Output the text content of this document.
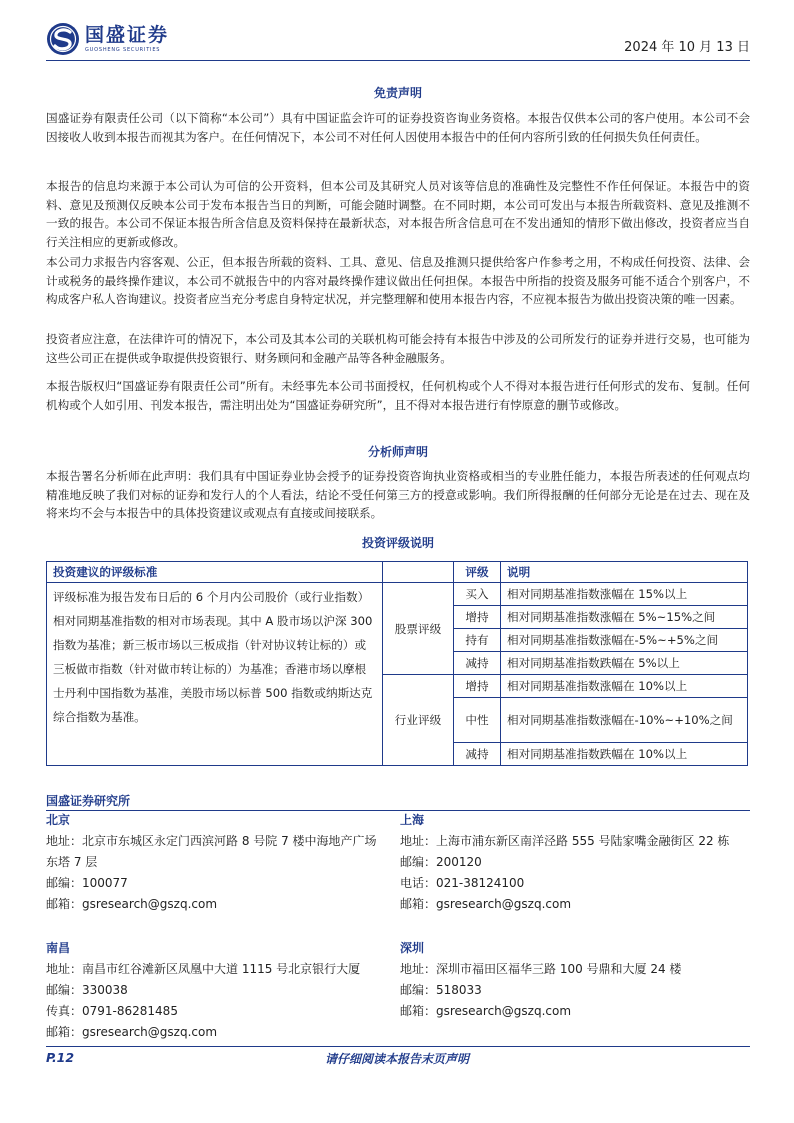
国盛证券
GUOSHENG SECURITIES	2024 年 10 月 13 日
免责声明

国盛证券有限责任公司（以下简称“本公司”）具有中国证监会许可的证券投资咨询业务资格。本报告仅供本公司的客户使用。本公司不会因接收人收到本报告而视其为客户。在任何情况下，本公司不对任何人因使用本报告中的任何内容所引致的任何损失负任何责任。

本报告的信息均来源于本公司认为可信的公开资料，但本公司及其研究人员对该等信息的准确性及完整性不作任何保证。本报告中的资料、意见及预测仅反映本公司于发布本报告当日的判断，可能会随时调整。在不同时期，本公司可发出与本报告所载资料、意见及推测不一致的报告。本公司不保证本报告所含信息及资料保持在最新状态，对本报告所含信息可在不发出通知的情形下做出修改，投资者应当自行关注相应的更新或修改。

本公司力求报告内容客观、公正，但本报告所载的资料、工具、意见、信息及推测只提供给客户作参考之用，不构成任何投资、法律、会计或税务的最终操作建议，本公司不就报告中的内容对最终操作建议做出任何担保。本报告中所指的投资及服务可能不适合个别客户，不构成客户私人咨询建议。投资者应当充分考虑自身特定状况，并完整理解和使用本报告内容，不应视本报告为做出投资决策的唯一因素。

投资者应注意，在法律许可的情况下，本公司及其本公司的关联机构可能会持有本报告中涉及的公司所发行的证券并进行交易，也可能为这些公司正在提供或争取提供投资银行、财务顾问和金融产品等各种金融服务。

本报告版权归“国盛证券有限责任公司”所有。未经事先本公司书面授权，任何机构或个人不得对本报告进行任何形式的发布、复制。任何机构或个人如引用、刊发本报告，需注明出处为“国盛证券研究所”，且不得对本报告进行有悖原意的删节或修改。

分析师声明

本报告署名分析师在此声明：我们具有中国证券业协会授予的证券投资咨询执业资格或相当的专业胜任能力，本报告所表述的任何观点均精准地反映了我们对标的证券和发行人的个人看法，结论不受任何第三方的授意或影响。我们所得报酬的任何部分无论是在过去、现在及将来均不会与本报告中的具体投资建议或观点有直接或间接联系。

投资评级说明
投资建议的评级标准		评级	说明
评级标准为报告发布日后的 6 个月内公司股价（或行业指数）相对同期基准指数的相对市场表现。其中 A 股市场以沪深 300 指数为基准；新三板市场以三板成指（针对协议转让标的）或三板做市指数（针对做市转让标的）为基准；香港市场以摩根士丹利中国指数为基准，美股市场以标普 500 指数或纳斯达克综合指数为基准。	股票评级	买入	相对同期基准指数涨幅在 15%以上
		增持	相对同期基准指数涨幅在 5%~15%之间
		持有	相对同期基准指数涨幅在-5%~+5%之间
		减持	相对同期基准指数跌幅在 5%以上
	行业评级	增持	相对同期基准指数涨幅在 10%以上
		中性	相对同期基准指数涨幅在-10%~+10%之间
		减持	相对同期基准指数跌幅在 10%以上
国盛证券研究所
北京
地址：北京市东城区永定门西滨河路 8 号院 7 楼中海地产广场东塔 7 层
邮编：100077
邮箱：gsresearch@gszq.com
上海
地址：上海市浦东新区南洋泾路 555 号陆家嘴金融街区 22 栋
邮编：200120
电话：021-38124100
邮箱：gsresearch@gszq.com
南昌
地址：南昌市红谷滩新区凤凰中大道 1115 号北京银行大厦
邮编：330038
传真：0791-86281485
邮箱：gsresearch@gszq.com
深圳
地址：深圳市福田区福华三路 100 号鼎和大厦 24 楼
邮编：518033
邮箱：gsresearch@gszq.com
请仔细阅读本报告末页声明
P.12
